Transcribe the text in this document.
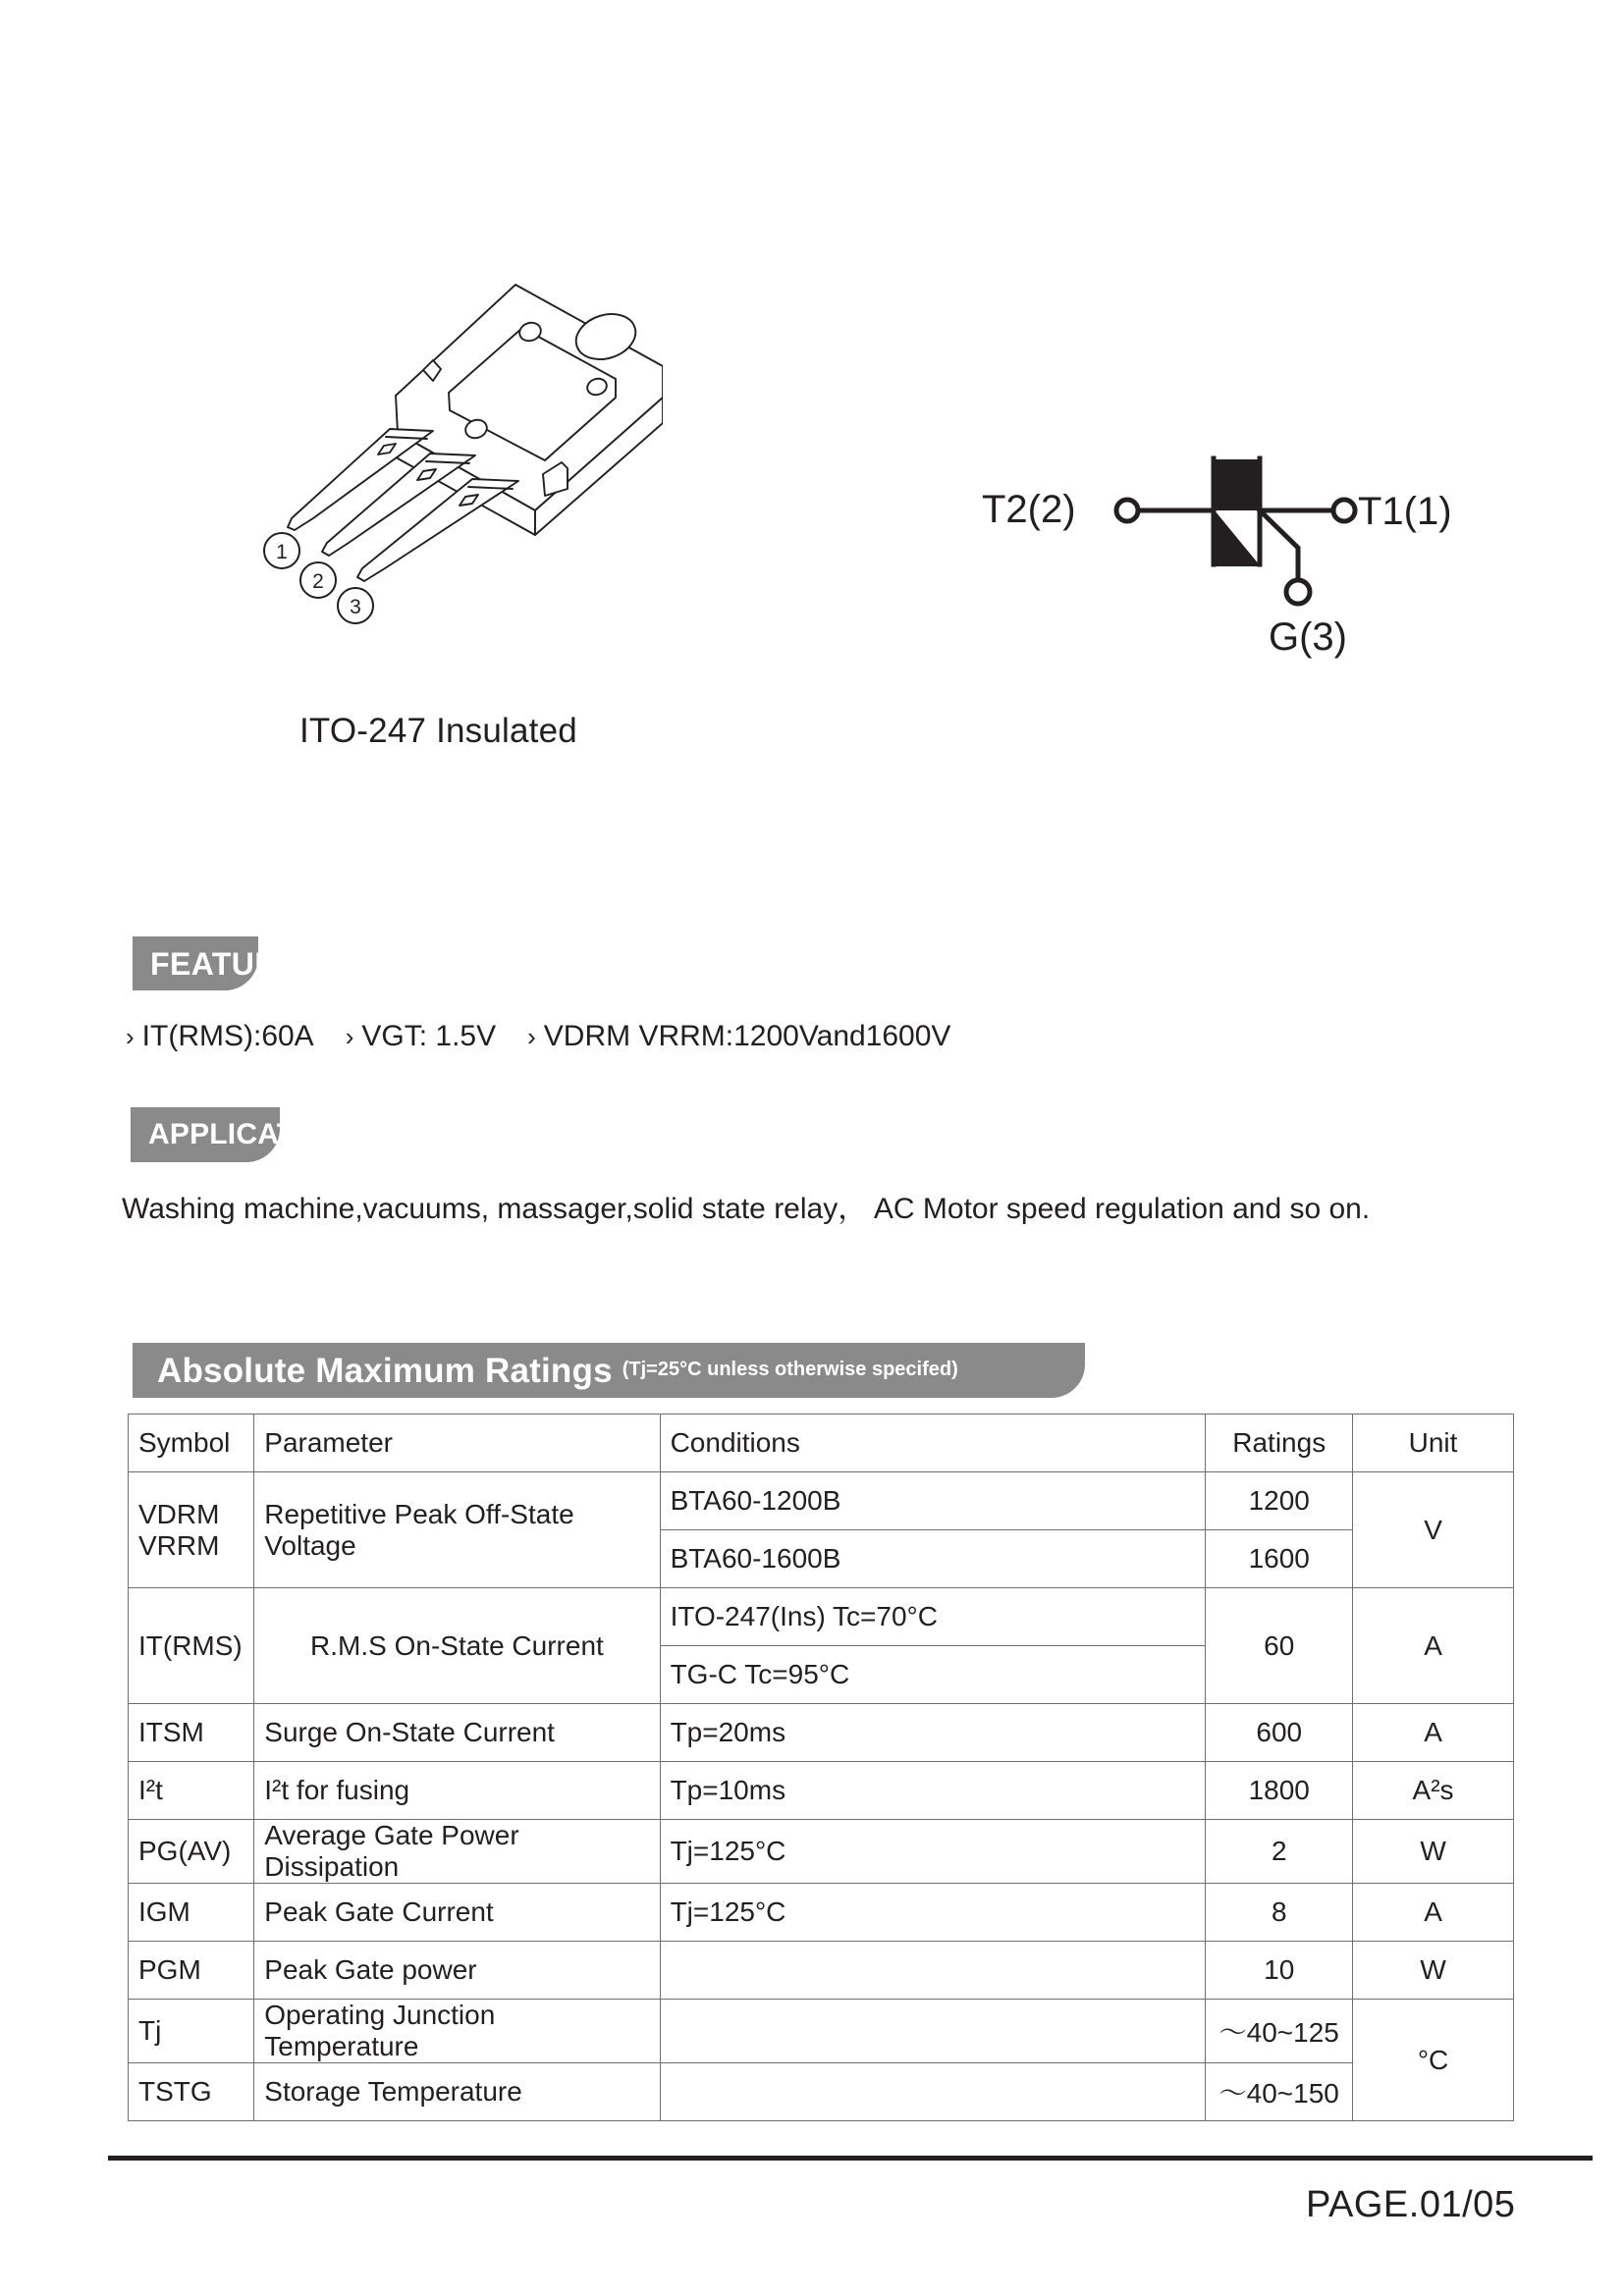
1
2
3
ITO-247 Insulated
T2(2)	T1(1)
G(3)
FEATURES
› IT(RMS):60A › VGT: 1.5V › VDRM VRRM:1200Vand1600V
APPLICATIONS
Washing machine,vacuums, massager,solid state relay， AC Motor speed regulation and so on.
Absolute Maximum Ratings (Tj=25°C unless otherwise specifed)
Symbol	Parameter	Conditions	Ratings	Unit

VDRM
VRRM	Repetitive Peak Off-State Voltage	BTA60-1200B	1200	V
		BTA60-1600B	1600	
IT(RMS)	R.M.S On-State Current	ITO-247(Ins) Tc=70°C	60	A
		TG-C Tc=95°C		
ITSM	Surge On-State Current	Tp=20ms	600	A
I²t	I²t for fusing	Tp=10ms	1800	A²s
PG(AV)	Average Gate Power Dissipation	Tj=125°C	2	W
IGM	Peak Gate Current	Tj=125°C	8	A
PGM	Peak Gate power		10	W
Tj	Operating Junction Temperature		～40~125	°C
TSTG	Storage Temperature		～40~150	
PAGE.01/05
